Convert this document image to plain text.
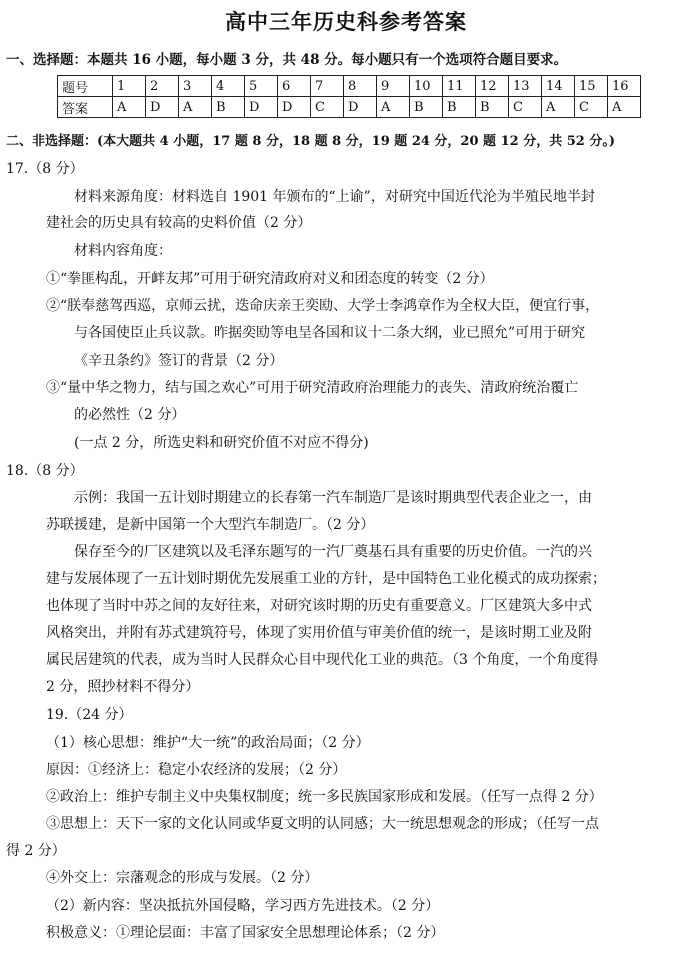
高中三年历史科参考答案
一、选择题：本题共 16 小题，每小题 3 分，共 48 分。每小题只有一个选项符合题目要求。
题号	1	2	3	4	5	6	7	8	9	10	11	12	13	14	15	16
答案	A	D	A	B	D	D	C	D	A	B	B	B	C	A	C	A
二、非选择题：(本大题共 4 小题，17 题 8 分，18 题 8 分，19 题 24 分，20 题 12 分，共 52 分。)
17.（8 分）
材料来源角度：材料选自 1901 年颁布的“上谕”，对研究中国近代沦为半殖民地半封
建社会的历史具有较高的史料价值（2 分）
材料内容角度：
①“拳匪构乱，开衅友邦”可用于研究清政府对义和团态度的转变（2 分）
②“朕奉慈驾西巡，京师云扰，迭命庆亲王奕劻、大学士李鸿章作为全权大臣，便宜行事，
与各国使臣止兵议款。昨据奕劻等电呈各国和议十二条大纲，业已照允”可用于研究
《辛丑条约》签订的背景（2 分）
③“量中华之物力，结与国之欢心”可用于研究清政府治理能力的丧失、清政府统治覆亡
的必然性（2 分）
(一点 2 分，所选史料和研究价值不对应不得分)
18.（8 分）
示例：我国一五计划时期建立的长春第一汽车制造厂是该时期典型代表企业之一，由
苏联援建，是新中国第一个大型汽车制造厂。（2 分）
保存至今的厂区建筑以及毛泽东题写的一汽厂奠基石具有重要的历史价值。一汽的兴
建与发展体现了一五计划时期优先发展重工业的方针，是中国特色工业化模式的成功探索；
也体现了当时中苏之间的友好往来，对研究该时期的历史有重要意义。厂区建筑大多中式
风格突出，并附有苏式建筑符号，体现了实用价值与审美价值的统一，是该时期工业及附
属民居建筑的代表，成为当时人民群众心目中现代化工业的典范。（3 个角度，一个角度得
2 分，照抄材料不得分）
19.（24 分）
（1）核心思想：维护“大一统”的政治局面；（2 分）
原因：①经济上：稳定小农经济的发展；（2 分）
②政治上：维护专制主义中央集权制度；统一多民族国家形成和发展。（任写一点得 2 分）
③思想上：天下一家的文化认同或华夏文明的认同感；大一统思想观念的形成；（任写一点
得 2 分）
④外交上：宗藩观念的形成与发展。（2 分）
（2）新内容：坚决抵抗外国侵略，学习西方先进技术。（2 分）
积极意义：①理论层面：丰富了国家安全思想理论体系；（2 分）
